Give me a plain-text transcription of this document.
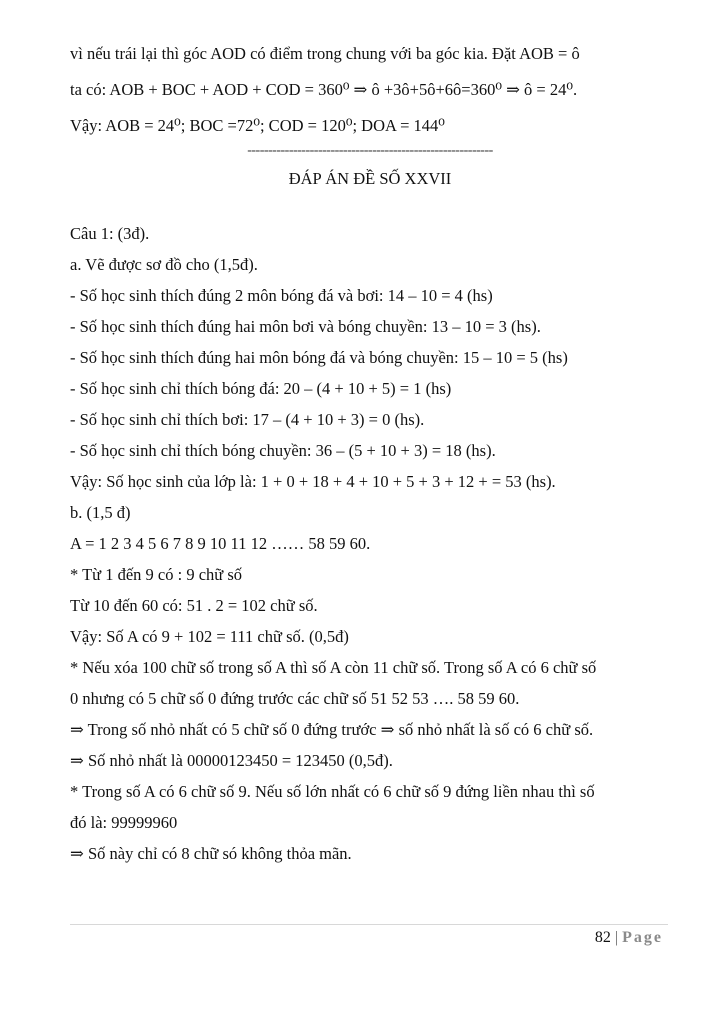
vì nếu trái lại thì góc AOD có điểm trong chung với ba góc kia. Đặt AOB = ô

ta có: AOB + BOC + AOD + COD = 360⁰ ⇒ ô +3ô+5ô+6ô=360⁰ ⇒ ô = 24⁰.

Vậy: AOB = 24⁰; BOC =72⁰; COD = 120⁰; DOA = 144⁰

-----------------------------------------------------------
ĐÁP ÁN ĐỀ SỐ XXVII

Câu 1: (3đ).

a. Vẽ được sơ đồ cho (1,5đ).

- Số học sinh thích đúng 2 môn bóng đá và bơi: 14 – 10 = 4 (hs)

- Số học sinh thích đúng hai môn bơi và bóng chuyền: 13 – 10 = 3 (hs).

- Số học sinh thích đúng hai môn bóng đá và bóng chuyền: 15 – 10 = 5 (hs)

- Số học sinh chỉ thích bóng đá: 20 – (4 + 10 + 5) = 1 (hs)

- Số học sinh chỉ thích bơi: 17 – (4 + 10 + 3) = 0 (hs).

- Số học sinh chỉ thích bóng chuyền: 36 – (5 + 10 + 3) = 18 (hs).

Vậy: Số học sinh của lớp là: 1 + 0 + 18 + 4 + 10 + 5 + 3 + 12 + = 53 (hs).

b. (1,5 đ)

A = 1 2 3 4 5 6 7 8 9 10 11 12 …… 58 59 60.

* Từ 1 đến 9 có : 9 chữ số

Từ 10 đến 60 có: 51 . 2 = 102 chữ số.

Vậy: Số A có 9 + 102 = 111 chữ số. (0,5đ)

* Nếu xóa 100 chữ số trong số A thì số A còn 11 chữ số. Trong số A có 6 chữ số

0 nhưng có 5 chữ số 0 đứng trước các chữ số 51 52 53 …. 58 59 60.

⇒ Trong số nhỏ nhất có 5 chữ số 0 đứng trước ⇒ số nhỏ nhất là số có 6 chữ số.

⇒ Số nhỏ nhất là 00000123450 = 123450 (0,5đ).

* Trong số A có 6 chữ số 9. Nếu số lớn nhất có 6 chữ số 9 đứng liền nhau thì số

đó là: 99999960

⇒ Số này chỉ có 8 chữ só không thỏa mãn.

82 | Page
